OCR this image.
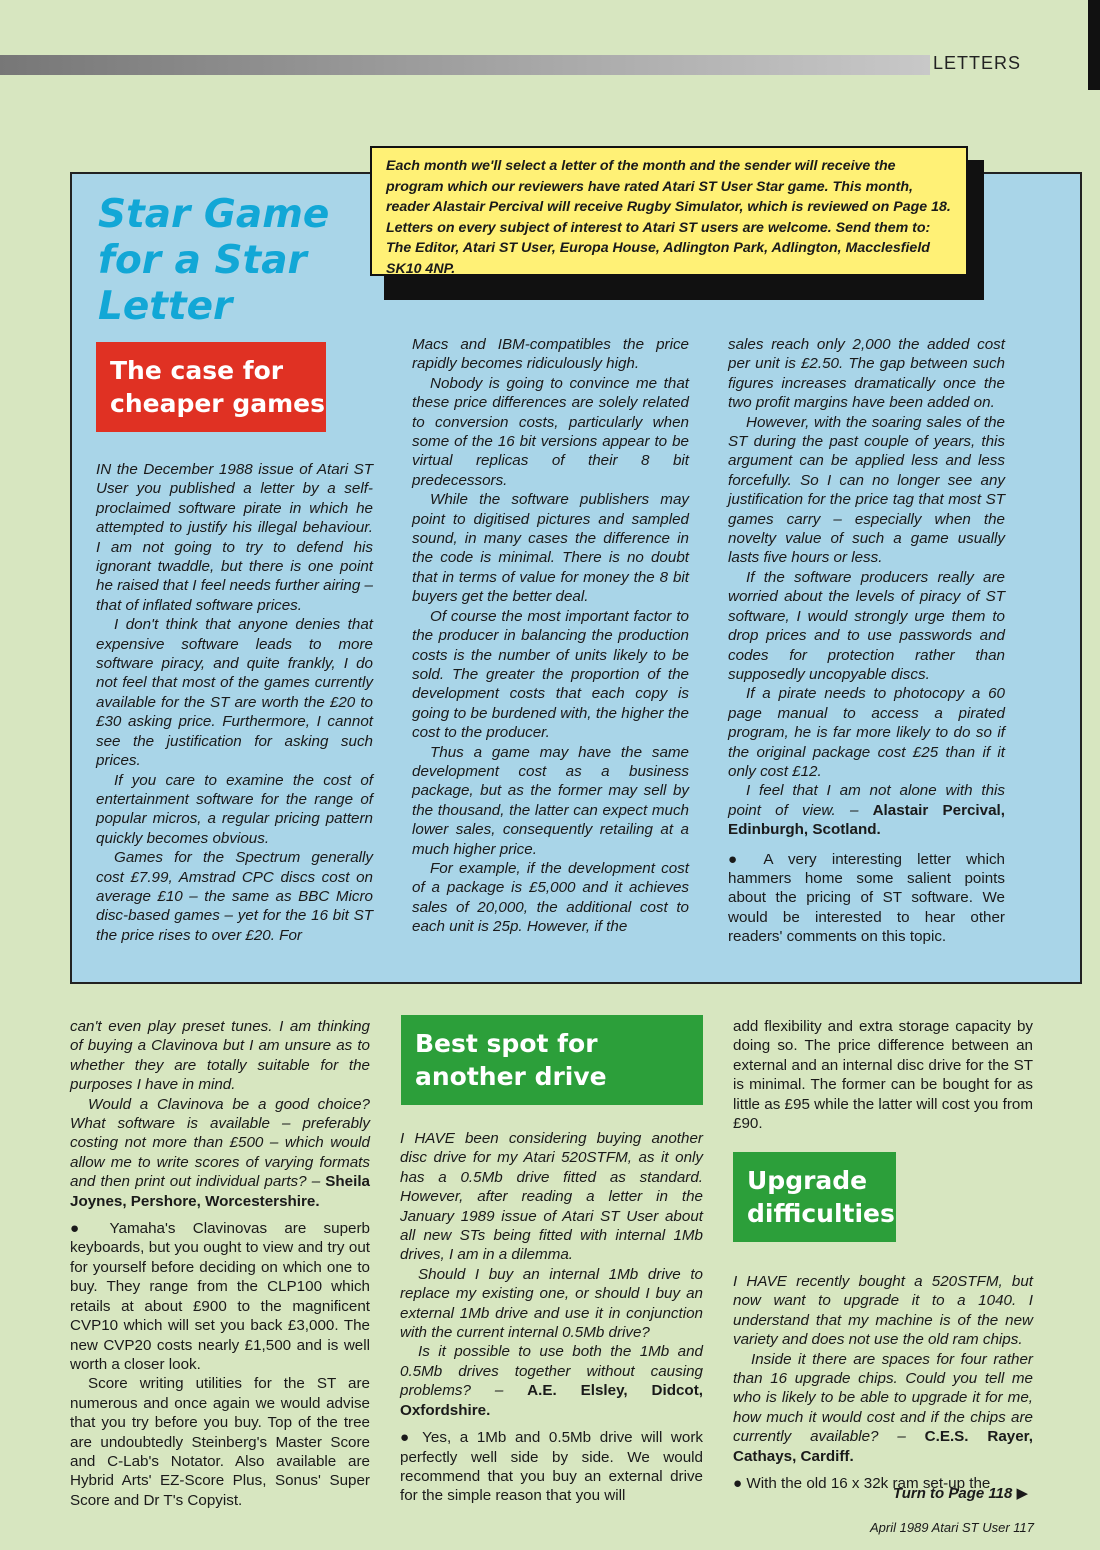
LETTERS
Star Game
for a Star
Letter
Each month we'll select a letter of the month and the sender will receive the program which our reviewers have rated Atari ST User Star game. This month, reader Alastair Percival will receive Rugby Simulator, which is reviewed on Page 18. Letters on every subject of interest to Atari ST users are welcome. Send them to: The Editor, Atari ST User, Europa House, Adlington Park, Adlington, Macclesfield SK10 4NP.
The case for
cheaper games

IN the December 1988 issue of Atari ST User you published a letter by a self-proclaimed software pirate in which he attempted to justify his illegal behaviour. I am not going to try to defend his ignorant twaddle, but there is one point he raised that I feel needs further airing – that of inflated software prices.

I don't think that anyone denies that expensive software leads to more software piracy, and quite frankly, I do not feel that most of the games currently available for the ST are worth the £20 to £30 asking price. Furthermore, I cannot see the justification for asking such prices.

If you care to examine the cost of entertainment software for the range of popular micros, a regular pricing pattern quickly becomes obvious.

Games for the Spectrum generally cost £7.99, Amstrad CPC discs cost on average £10 – the same as BBC Micro disc-based games – yet for the 16 bit ST the price rises to over £20. For

Macs and IBM-compatibles the price rapidly becomes ridiculously high.

Nobody is going to convince me that these price differences are solely related to conversion costs, particularly when some of the 16 bit versions appear to be virtual replicas of their 8 bit predecessors.

While the software publishers may point to digitised pictures and sampled sound, in many cases the difference in the code is minimal. There is no doubt that in terms of value for money the 8 bit buyers get the better deal.

Of course the most important factor to the producer in balancing the production costs is the number of units likely to be sold. The greater the proportion of the development costs that each copy is going to be burdened with, the higher the cost to the producer.

Thus a game may have the same development cost as a business package, but as the former may sell by the thousand, the latter can expect much lower sales, consequently retailing at a much higher price.

For example, if the development cost of a package is £5,000 and it achieves sales of 20,000, the additional cost to each unit is 25p. However, if the

sales reach only 2,000 the added cost per unit is £2.50. The gap between such figures increases dramatically once the two profit margins have been added on.

However, with the soaring sales of the ST during the past couple of years, this argument can be applied less and less forcefully. So I can no longer see any justification for the price tag that most ST games carry – especially when the novelty value of such a game usually lasts five hours or less.

If the software producers really are worried about the levels of piracy of ST software, I would strongly urge them to drop prices and to use passwords and codes for protection rather than supposedly uncopyable discs.

If a pirate needs to photocopy a 60 page manual to access a pirated program, he is far more likely to do so if the original package cost £25 than if it only cost £12.

I feel that I am not alone with this point of view. – Alastair Percival, Edinburgh, Scotland.

● A very interesting letter which hammers home some salient points about the pricing of ST software. We would be interested to hear other readers' comments on this topic.

can't even play preset tunes. I am thinking of buying a Clavinova but I am unsure as to whether they are totally suitable for the purposes I have in mind.

Would a Clavinova be a good choice? What software is available – preferably costing not more than £500 – which would allow me to write scores of varying formats and then print out individual parts? – Sheila Joynes, Pershore, Worcestershire.

● Yamaha's Clavinovas are superb keyboards, but you ought to view and try out for yourself before deciding on which one to buy. They range from the CLP100 which retails at about £900 to the magnificent CVP10 which will set you back £3,000. The new CVP20 costs nearly £1,500 and is well worth a closer look.

Score writing utilities for the ST are numerous and once again we would advise that you try before you buy. Top of the tree are undoubtedly Steinberg's Master Score and C-Lab's Notator. Also available are Hybrid Arts' EZ-Score Plus, Sonus' Super Score and Dr T's Copyist.

Best spot for
another drive

I HAVE been considering buying another disc drive for my Atari 520STFM, as it only has a 0.5Mb drive fitted as standard. However, after reading a letter in the January 1989 issue of Atari ST User about all new STs being fitted with internal 1Mb drives, I am in a dilemma.

Should I buy an internal 1Mb drive to replace my existing one, or should I buy an external 1Mb drive and use it in conjunction with the current internal 0.5Mb drive?

Is it possible to use both the 1Mb and 0.5Mb drives together without causing problems? – A.E. Elsley, Didcot, Oxfordshire.

● Yes, a 1Mb and 0.5Mb drive will work perfectly well side by side. We would recommend that you buy an external drive for the simple reason that you will

add flexibility and extra storage capacity by doing so. The price difference between an external and an internal disc drive for the ST is minimal. The former can be bought for as little as £95 while the latter will cost you from £90.

Upgrade
difficulties

I HAVE recently bought a 520STFM, but now want to upgrade it to a 1040. I understand that my machine is of the new variety and does not use the old ram chips.

Inside it there are spaces for four rather than 16 upgrade chips. Could you tell me who is likely to be able to upgrade it for me, how much it would cost and if the chips are currently available? – C.E.S. Rayer, Cathays, Cardiff.

● With the old 16 x 32k ram set-up the

Turn to Page 118 ▶
April 1989 Atari ST User 117
